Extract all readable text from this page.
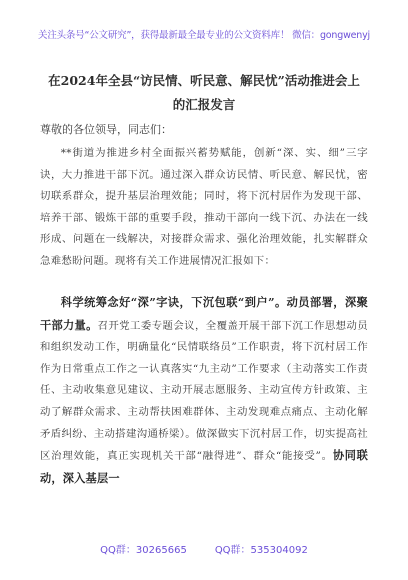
关注头条号“公文研究”，获得最新最全最专业的公文资料库！ 微信：gongwenyj
在2024年全县“访民情、听民意、解民忧”活动推进会上
的汇报发言
尊敬的各位领导，同志们：

**街道为推进乡村全面振兴蓄势赋能，创新“深、实、细”三字诀，大力推进干部下沉。通过深入群众访民情、听民意、解民忧，密切联系群众，提升基层治理效能；同时，将下沉村居作为发现干部、培养干部、锻炼干部的重要手段，推动干部向一线下沉、办法在一线形成、问题在一线解决，对接群众需求、强化治理效能，扎实解群众急难愁盼问题。现将有关工作进展情况汇报如下：

科学统筹念好“深”字诀，下沉包联“到户”。动员部署，深聚干部力量。召开党工委专题会议，全覆盖开展干部下沉工作思想动员和组织发动工作，明确量化“民情联络员”工作职责，将下沉村居工作作为日常重点工作之一认真落实“九主动”工作要求（主动落实工作责任、主动收集意见建议、主动开展志愿服务、主动宣传方针政策、主动了解群众需求、主动帮扶困难群体、主动发现难点痛点、主动化解矛盾纠纷、主动搭建沟通桥梁）。做深做实下沉村居工作，切实提高社区治理效能，真正实现机关干部“融得进”、群众“能接受”。协同联动，深入基层一

QQ群：30265665	QQ群：535304092
